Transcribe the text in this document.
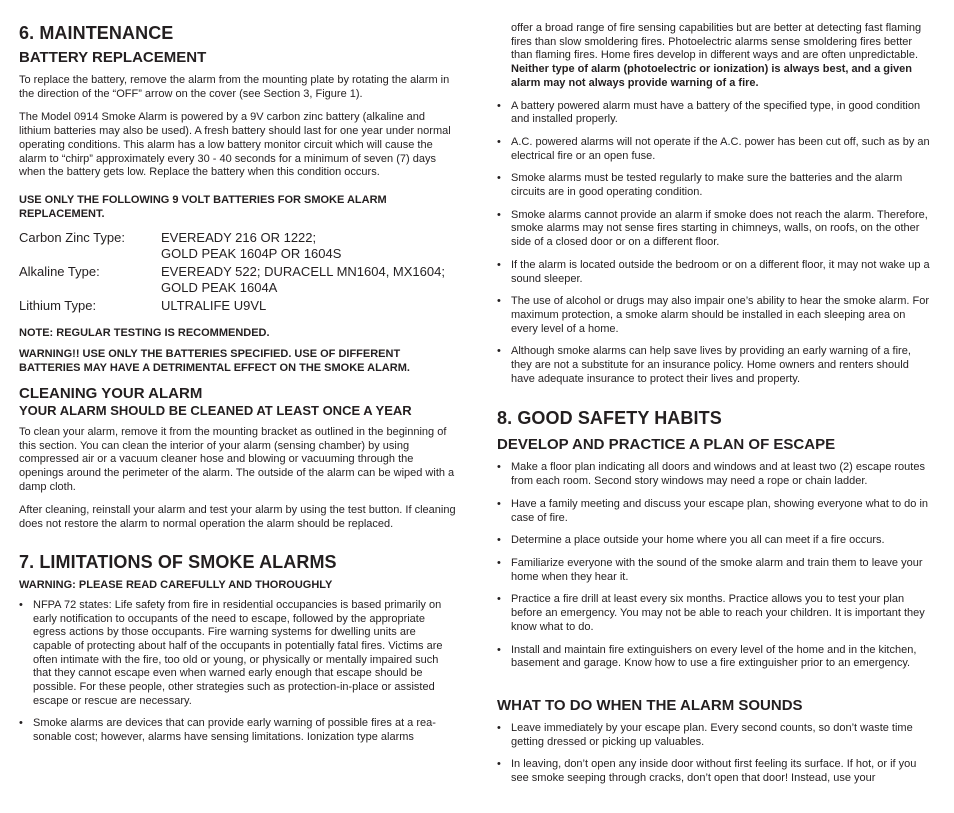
6. MAINTENANCE
BATTERY REPLACEMENT

To replace the battery, remove the alarm from the mounting plate by rotating the alarm in the direction of the “OFF” arrow on the cover (see Section 3, Figure 1).

The Model 0914 Smoke Alarm is powered by a 9V carbon zinc battery (alkaline and lithium batteries may also be used). A fresh battery should last for one year under normal operating conditions. This alarm has a low battery monitor circuit which will cause the alarm to “chirp” approximately every 30 - 40 seconds for a minimum of seven (7) days when the battery gets low. Replace the battery when this condition occurs.

USE ONLY THE FOLLOWING 9 VOLT BATTERIES FOR SMOKE ALARM REPLACEMENT.

Carbon Zinc Type:	EVEREADY 216 OR 1222;
GOLD PEAK 1604P OR 1604S
Alkaline Type:	EVEREADY 522; DURACELL MN1604, MX1604;
GOLD PEAK 1604A
Lithium Type:	ULTRALIFE U9VL

NOTE: REGULAR TESTING IS RECOMMENDED.

WARNING!! USE ONLY THE BATTERIES SPECIFIED. USE OF DIFFERENT BATTERIES MAY HAVE A DETRIMENTAL EFFECT ON THE SMOKE ALARM.

CLEANING YOUR ALARM
YOUR ALARM SHOULD BE CLEANED AT LEAST ONCE A YEAR

To clean your alarm, remove it from the mounting bracket as outlined in the beginning of this section. You can clean the interior of your alarm (sensing chamber) by using compressed air or a vacuum cleaner hose and blowing or vacuuming through the openings around the perimeter of the alarm. The outside of the alarm can be wiped with a damp cloth.

After cleaning, reinstall your alarm and test your alarm by using the test button. If cleaning does not restore the alarm to normal operation the alarm should be replaced.

7. LIMITATIONS OF SMOKE ALARMS

WARNING: PLEASE READ CAREFULLY AND THOROUGHLY

• NFPA 72 states: Life safety from fire in residential occupancies is based primarily on early notification to occupants of the need to escape, followed by the appropriate egress actions by those occupants. Fire warning systems for dwelling units are capable of protecting about half of the occupants in potentially fatal fires. Victims are often intimate with the fire, too old or young, or physically or mentally impaired such that they cannot escape even when warned early enough that escape should be possible. For these people, other strategies such as protection-in-place or assisted escape or rescue are necessary.
• Smoke alarms are devices that can provide early warning of possible fires at a reasonable cost; however, alarms have sensing limitations. Ionization type alarms

offer a broad range of fire sensing capabilities but are better at detecting fast flaming fires than slow smoldering fires. Photoelectric alarms sense smoldering fires better than flaming fires. Home fires develop in different ways and are often unpredictable. Neither type of alarm (photoelectric or ionization) is always best, and a given alarm may not always provide warning of a fire.

• A battery powered alarm must have a battery of the specified type, in good condition and installed properly.
• A.C. powered alarms will not operate if the A.C. power has been cut off, such as by an electrical fire or an open fuse.
• Smoke alarms must be tested regularly to make sure the batteries and the alarm circuits are in good operating condition.
• Smoke alarms cannot provide an alarm if smoke does not reach the alarm. Therefore, smoke alarms may not sense fires starting in chimneys, walls, on roofs, on the other side of a closed door or on a different floor.
• If the alarm is located outside the bedroom or on a different floor, it may not wake up a sound sleeper.
• The use of alcohol or drugs may also impair one’s ability to hear the smoke alarm. For maximum protection, a smoke alarm should be installed in each sleeping area on every level of a home.
• Although smoke alarms can help save lives by providing an early warning of a fire, they are not a substitute for an insurance policy. Home owners and renters should have adequate insurance to protect their lives and property.
8. GOOD SAFETY HABITS
DEVELOP AND PRACTICE A PLAN OF ESCAPE
• Make a floor plan indicating all doors and windows and at least two (2) escape routes from each room. Second story windows may need a rope or chain ladder.
• Have a family meeting and discuss your escape plan, showing everyone what to do in case of fire.
• Determine a place outside your home where you all can meet if a fire occurs.
• Familiarize everyone with the sound of the smoke alarm and train them to leave your home when they hear it.
• Practice a fire drill at least every six months. Practice allows you to test your plan before an emergency. You may not be able to reach your children. It is important they know what to do.
• Install and maintain fire extinguishers on every level of the home and in the kitchen, basement and garage. Know how to use a fire extinguisher prior to an emergency.
WHAT TO DO WHEN THE ALARM SOUNDS
• Leave immediately by your escape plan. Every second counts, so don’t waste time getting dressed or picking up valuables.
• In leaving, don’t open any inside door without first feeling its surface. If hot, or if you see smoke seeping through cracks, don’t open that door! Instead, use your
